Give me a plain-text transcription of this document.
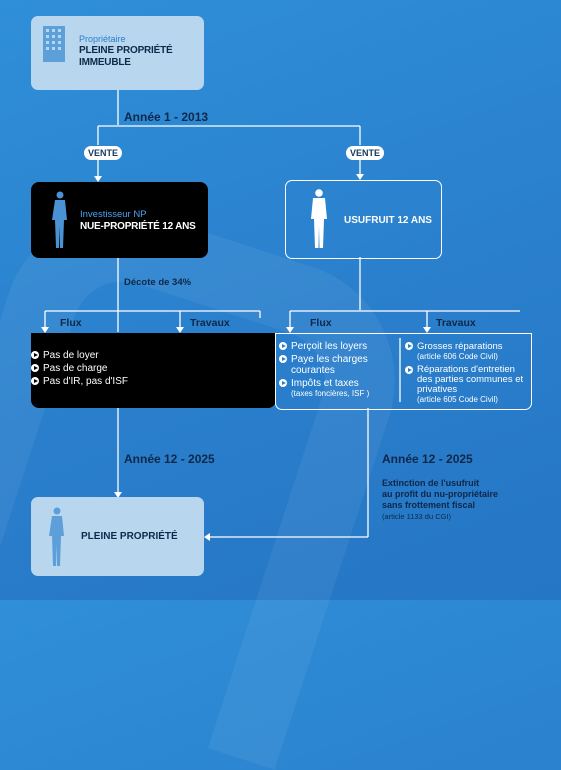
Propriétaire
PLEINE PROPRIÉTÉ
IMMEUBLE
Année 1 - 2013
VENTE	VENTE
Investisseur NP
NUE-PROPRIÉTÉ 12 ANS
USUFRUIT 12 ANS
Décote de 34%
Flux	Travaux
Pas de loyer
Pas de charge
Pas d'IR, pas d'ISF
Flux	Travaux
Perçoit les loyers
Paye les charges courantes
Impôts et taxes
(taxes foncières, ISF )
Grosses réparations
(article 606 Code Civil)
Réparations d'entretien des parties communes et privatives
(article 605 Code Civil)
Année 12 - 2025	Année 12 - 2025
Extinction de l'usufruit
au profit du nu-propriétaire
sans frottement fiscal
(article 1133 du CGI)
PLEINE PROPRIÉTÉ
